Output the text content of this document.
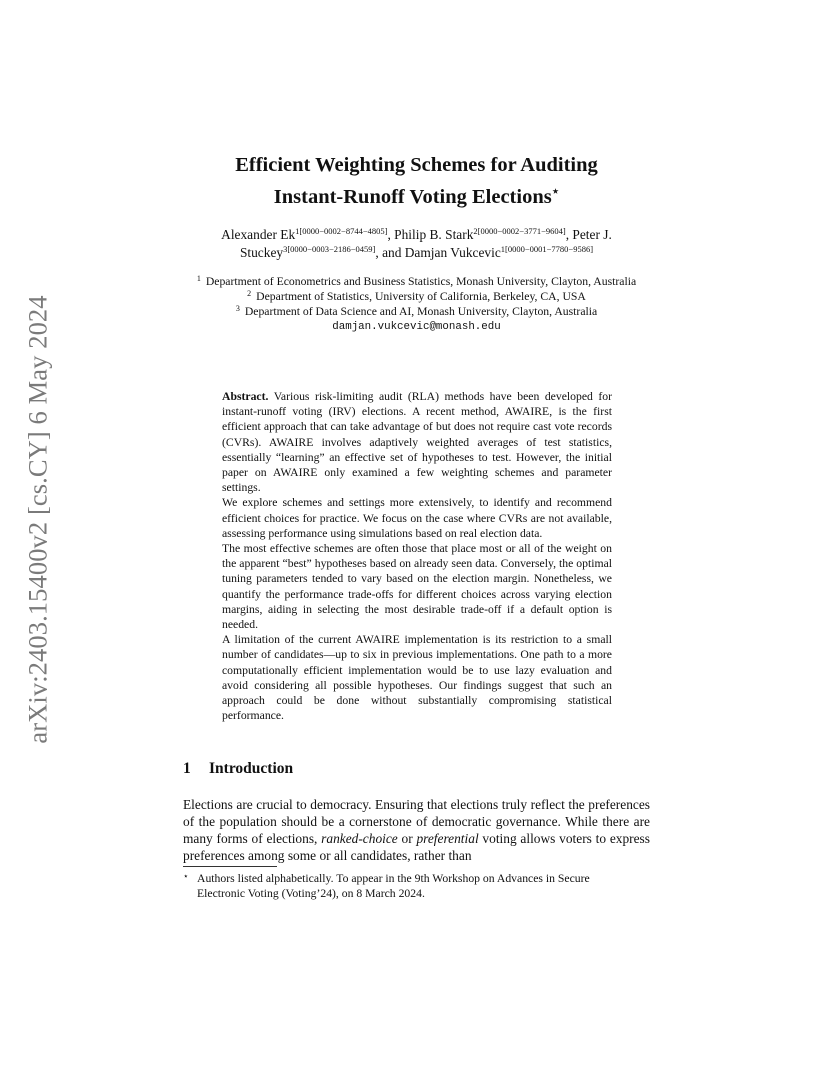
arXiv:2403.15400v2 [cs.CY] 6 May 2024
Efficient Weighting Schemes for Auditing
Instant-Runoff Voting Elections⋆
Alexander $Ek^{1[0000-0002-8744-4805]}$, Philip B. Stark$^{2[0000-0002-3771-9604]}$, Peter J. Stuckey$^{3[0000-0003-2186-0459]}$, and Damjan Vukcevic$^{1[0000-0001-7780-9586]}$
$^1$ Department of Econometrics and Business Statistics, Monash University, Clayton, Australia
$^2$ Department of Statistics, University of California, Berkeley, CA, USA
$^3$ Department of Data Science and AI, Monash University, Clayton, Australia
damjan.vukcevic@monash.edu

Abstract. Various risk-limiting audit (RLA) methods have been developed for instant-runoff voting (IRV) elections. A recent method, AWAIRE, is the first efficient approach that can take advantage of but does not require cast vote records (CVRs). AWAIRE involves adaptively weighted averages of test statistics, essentially “learning” an effective set of hypotheses to test. However, the initial paper on AWAIRE only examined a few weighting schemes and parameter settings.

We explore schemes and settings more extensively, to identify and recommend efficient choices for practice. We focus on the case where CVRs are not available, assessing performance using simulations based on real election data.

The most effective schemes are often those that place most or all of the weight on the apparent “best” hypotheses based on already seen data. Conversely, the optimal tuning parameters tended to vary based on the election margin. Nonetheless, we quantify the performance trade-offs for different choices across varying election margins, aiding in selecting the most desirable trade-off if a default option is needed.

A limitation of the current AWAIRE implementation is its restriction to a small number of candidates—up to six in previous implementations. One path to a more computationally efficient implementation would be to use lazy evaluation and avoid considering all possible hypotheses. Our findings suggest that such an approach could be done without substantially compromising statistical performance.

1 Introduction

Elections are crucial to democracy. Ensuring that elections truly reflect the preferences of the population should be a cornerstone of democratic governance. While there are many forms of elections, ranked-choice or preferential voting allows voters to express preferences among some or all candidates, rather than

⋆ Authors listed alphabetically. To appear in the 9th Workshop on Advances in Secure
Electronic Voting (Voting’24), on 8 March 2024.
